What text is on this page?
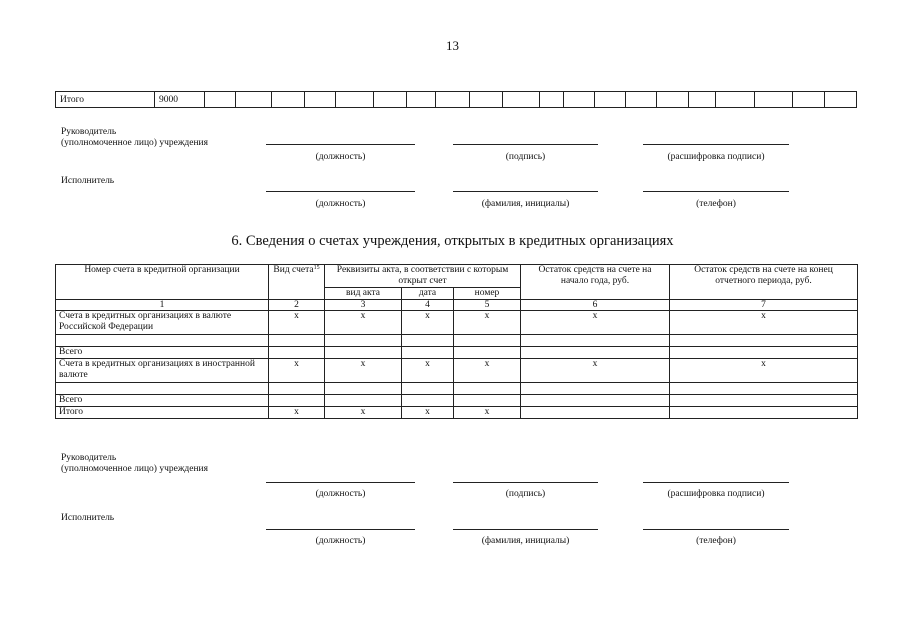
13
Итого	9000																				
Руководитель
(уполномоченное лицо) учреждения
(должность)	(подпись)	(расшифровка подписи)
Исполнитель
(должность)	(фамилия, инициалы)	(телефон)
6. Сведения о счетах учреждения, открытых в кредитных организациях
Номер счета в кредитной организации	Вид счета$^{15}$	Реквизиты акта, в соответствии с которым открыт счет			Остаток средств на счете на начало года, руб.	Остаток средств на счете на конец отчетного периода, руб.
		вид акта	дата	номер		
1	2	3	4	5	6	7
Счета в кредитных организациях в валюте Российской Федерации	x	x	x	x	x	x

Всего						
Счета в кредитных организациях в иностранной валюте	x	x	x	x	x	x

Всего						
Итого	x	x	x	x		
Руководитель
(уполномоченное лицо) учреждения
(должность)	(подпись)	(расшифровка подписи)
Исполнитель
(должность)	(фамилия, инициалы)	(телефон)
